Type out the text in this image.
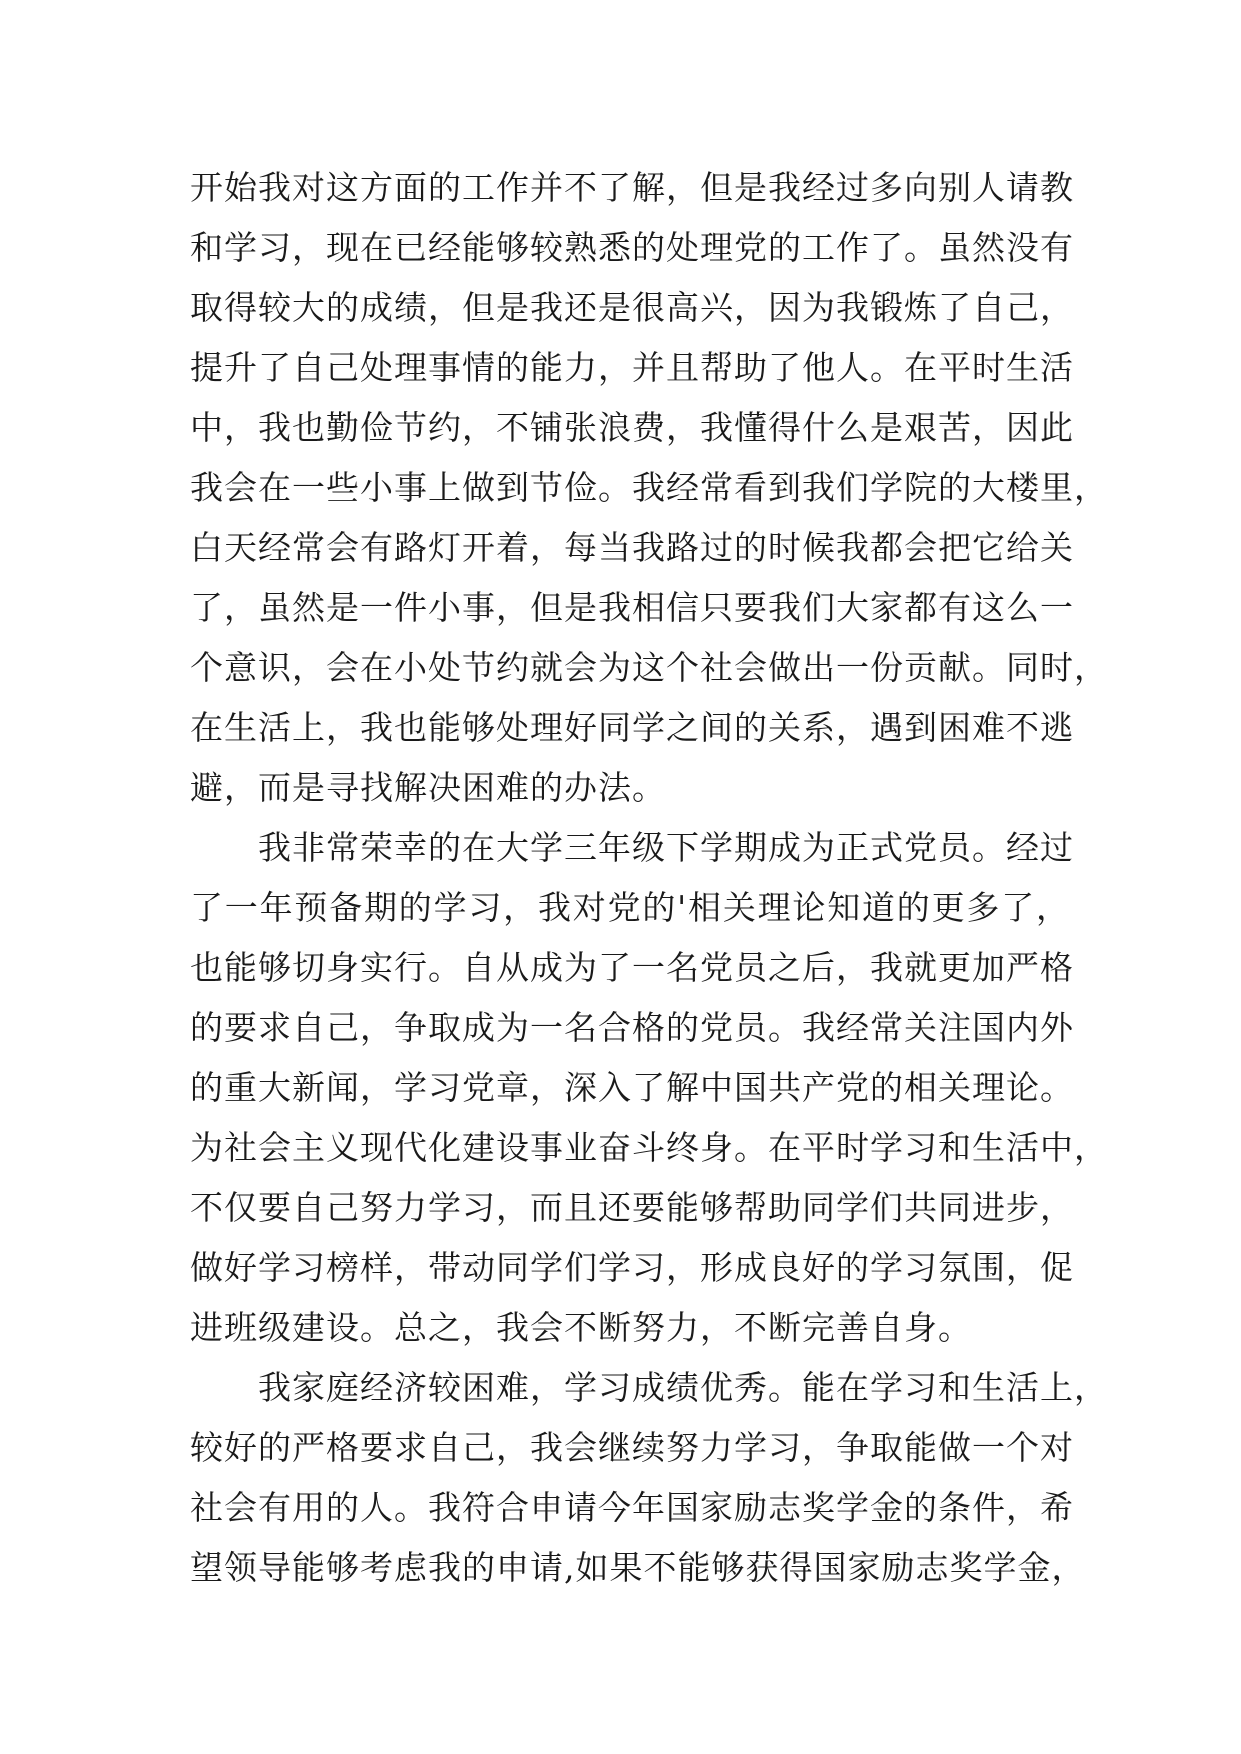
开始我对这方面的工作并不了解，但是我经过多向别人请教
和学习，现在已经能够较熟悉的处理党的工作了。虽然没有
取得较大的成绩，但是我还是很高兴，因为我锻炼了自己，
提升了自己处理事情的能力，并且帮助了他人。在平时生活
中，我也勤俭节约，不铺张浪费，我懂得什么是艰苦，因此
我会在一些小事上做到节俭。我经常看到我们学院的大楼里，
白天经常会有路灯开着，每当我路过的时候我都会把它给关
了，虽然是一件小事，但是我相信只要我们大家都有这么一
个意识，会在小处节约就会为这个社会做出一份贡献。同时，
在生活上，我也能够处理好同学之间的关系，遇到困难不逃
避，而是寻找解决困难的办法。
我非常荣幸的在大学三年级下学期成为正式党员。经过
了一年预备期的学习，我对党的'相关理论知道的更多了，
也能够切身实行。自从成为了一名党员之后，我就更加严格
的要求自己，争取成为一名合格的党员。我经常关注国内外
的重大新闻，学习党章，深入了解中国共产党的相关理论。
为社会主义现代化建设事业奋斗终身。在平时学习和生活中，
不仅要自己努力学习，而且还要能够帮助同学们共同进步，
做好学习榜样，带动同学们学习，形成良好的学习氛围，促
进班级建设。总之，我会不断努力，不断完善自身。
我家庭经济较困难，学习成绩优秀。能在学习和生活上，
较好的严格要求自己，我会继续努力学习，争取能做一个对
社会有用的人。我符合申请今年国家励志奖学金的条件，希
望领导能够考虑我的申请,如果不能够获得国家励志奖学金，
